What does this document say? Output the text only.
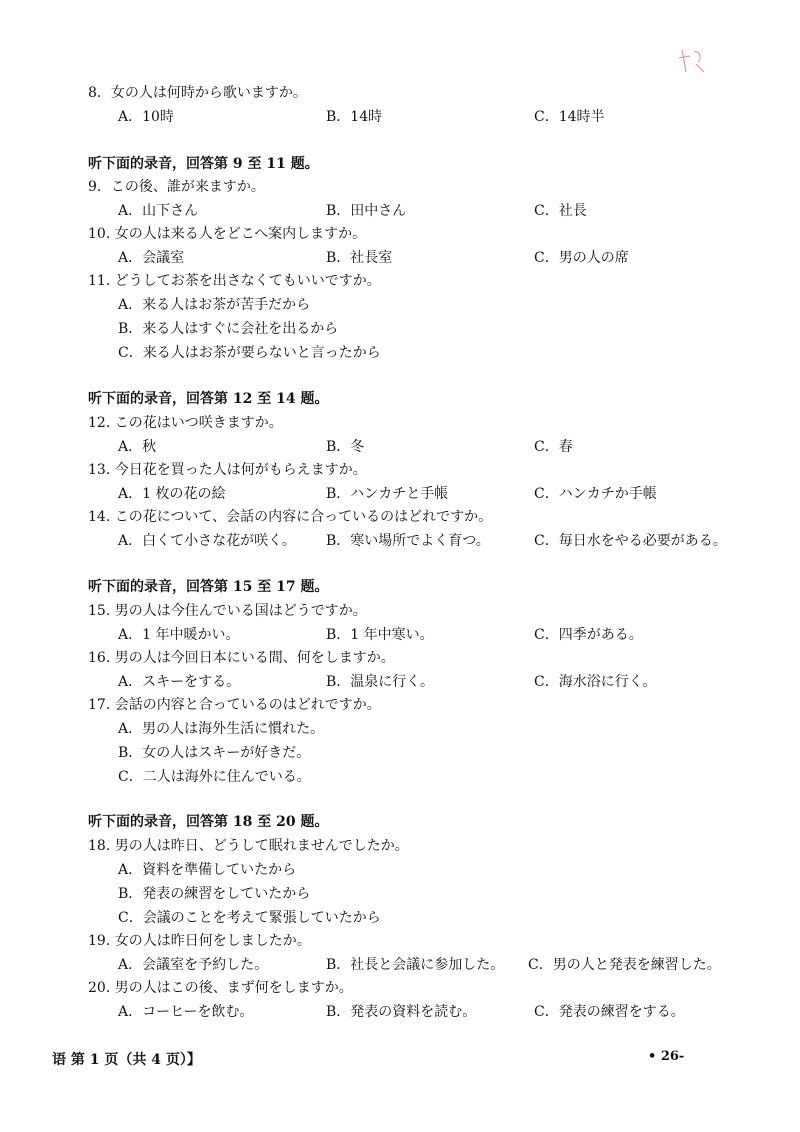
8．女の人は何時から歌いますか。
A．10時	B．14時	C．14時半
听下面的录音，回答第 9 至 11 题。
9．この後、誰が来ますか。
A．山下さん	B．田中さん	C．社長
10. 女の人は来る人をどこへ案内しますか。
A．会議室	B．社長室	C．男の人の席
11. どうしてお茶を出さなくてもいいですか。
A．来る人はお茶が苦手だから
B．来る人はすぐに会社を出るから
C．来る人はお茶が要らないと言ったから
听下面的录音，回答第 12 至 14 题。
12. この花はいつ咲きますか。
A．秋	B．冬	C．春
13. 今日花を買った人は何がもらえますか。
A．1 枚の花の絵	B．ハンカチと手帳	C．ハンカチか手帳
14. この花について、会話の内容に合っているのはどれですか。
A．白くて小さな花が咲く。 B．寒い場所でよく育つ。	C．毎日水をやる必要がある。
听下面的录音，回答第 15 至 17 题。
15. 男の人は今住んでいる国はどうですか。
A．1 年中暖かい。	B．1 年中寒い。	C．四季がある。
16. 男の人は今回日本にいる間、何をしますか。
A．スキーをする。	B．温泉に行く。	C．海水浴に行く。
17. 会話の内容と合っているのはどれですか。
A．男の人は海外生活に慣れた。
B．女の人はスキーが好きだ。
C．二人は海外に住んでいる。
听下面的录音，回答第 18 至 20 题。
18. 男の人は昨日、どうして眠れませんでしたか。
A．資料を準備していたから
B．発表の練習をしていたから
C．会議のことを考えて緊張していたから
19. 女の人は昨日何をしましたか。
A．会議室を予約した。	B．社長と会議に参加した。 C．男の人と発表を練習した。
20. 男の人はこの後、まず何をしますか。
A．コーヒーを飲む。	B．発表の資料を読む。	C．発表の練習をする。
语 第 1 页（共 4 页）】	• 26-
